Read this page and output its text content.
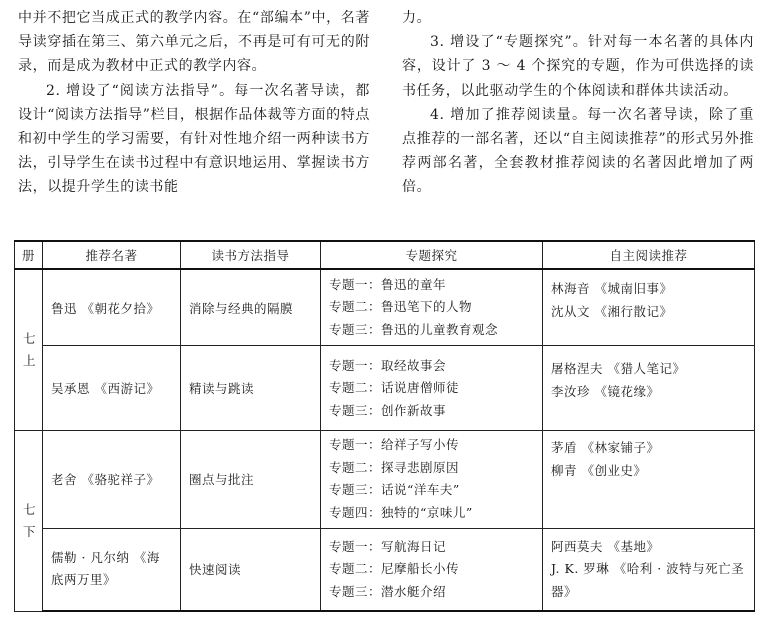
中并不把它当成正式的教学内容。在“部编本”中，名著导读穿插在第三、第六单元之后，不再是可有可无的附录，而是成为教材中正式的教学内容。

2. 增设了“阅读方法指导”。每一次名著导读，都设计“阅读方法指导”栏目，根据作品体裁等方面的特点和初中学生的学习需要，有针对性地介绍一两种读书方法，引导学生在读书过程中有意识地运用、掌握读书方法，以提升学生的读书能

力。

3. 增设了“专题探究”。针对每一本名著的具体内容，设计了 3 ～ 4 个探究的专题，作为可供选择的读书任务，以此驱动学生的个体阅读和群体共读活动。

4. 增加了推荐阅读量。每一次名著导读，除了重点推荐的一部名著，还以“自主阅读推荐”的形式另外推荐两部名著，全套教材推荐阅读的名著因此增加了两倍。

册	推荐名著	读书方法指导	专题探究	自主阅读推荐

七
上	鲁迅 《朝花夕拾》	消除与经典的隔膜	专题一：鲁迅的童年
专题二：鲁迅笔下的人物
专题三：鲁迅的儿童教育观念	林海音 《城南旧事》
沈从文 《湘行散记》

	吴承恩 《西游记》	精读与跳读	专题一：取经故事会
专题二：话说唐僧师徒
专题三：创作新故事	屠格涅夫 《猎人笔记》
李汝珍 《镜花缘》

七
下	老舍 《骆驼祥子》	圈点与批注	专题一：给祥子写小传
专题二：探寻悲剧原因
专题三：话说“洋车夫”
专题四：独特的“京味儿”	茅盾 《林家铺子》
柳青 《创业史》

	儒勒 · 凡尔纳 《海底两万里》	快速阅读	专题一：写航海日记
专题二：尼摩船长小传
专题三：潜水艇介绍	阿西莫夫 《基地》
J. K. 罗琳 《哈利 · 波特与死亡圣器》
